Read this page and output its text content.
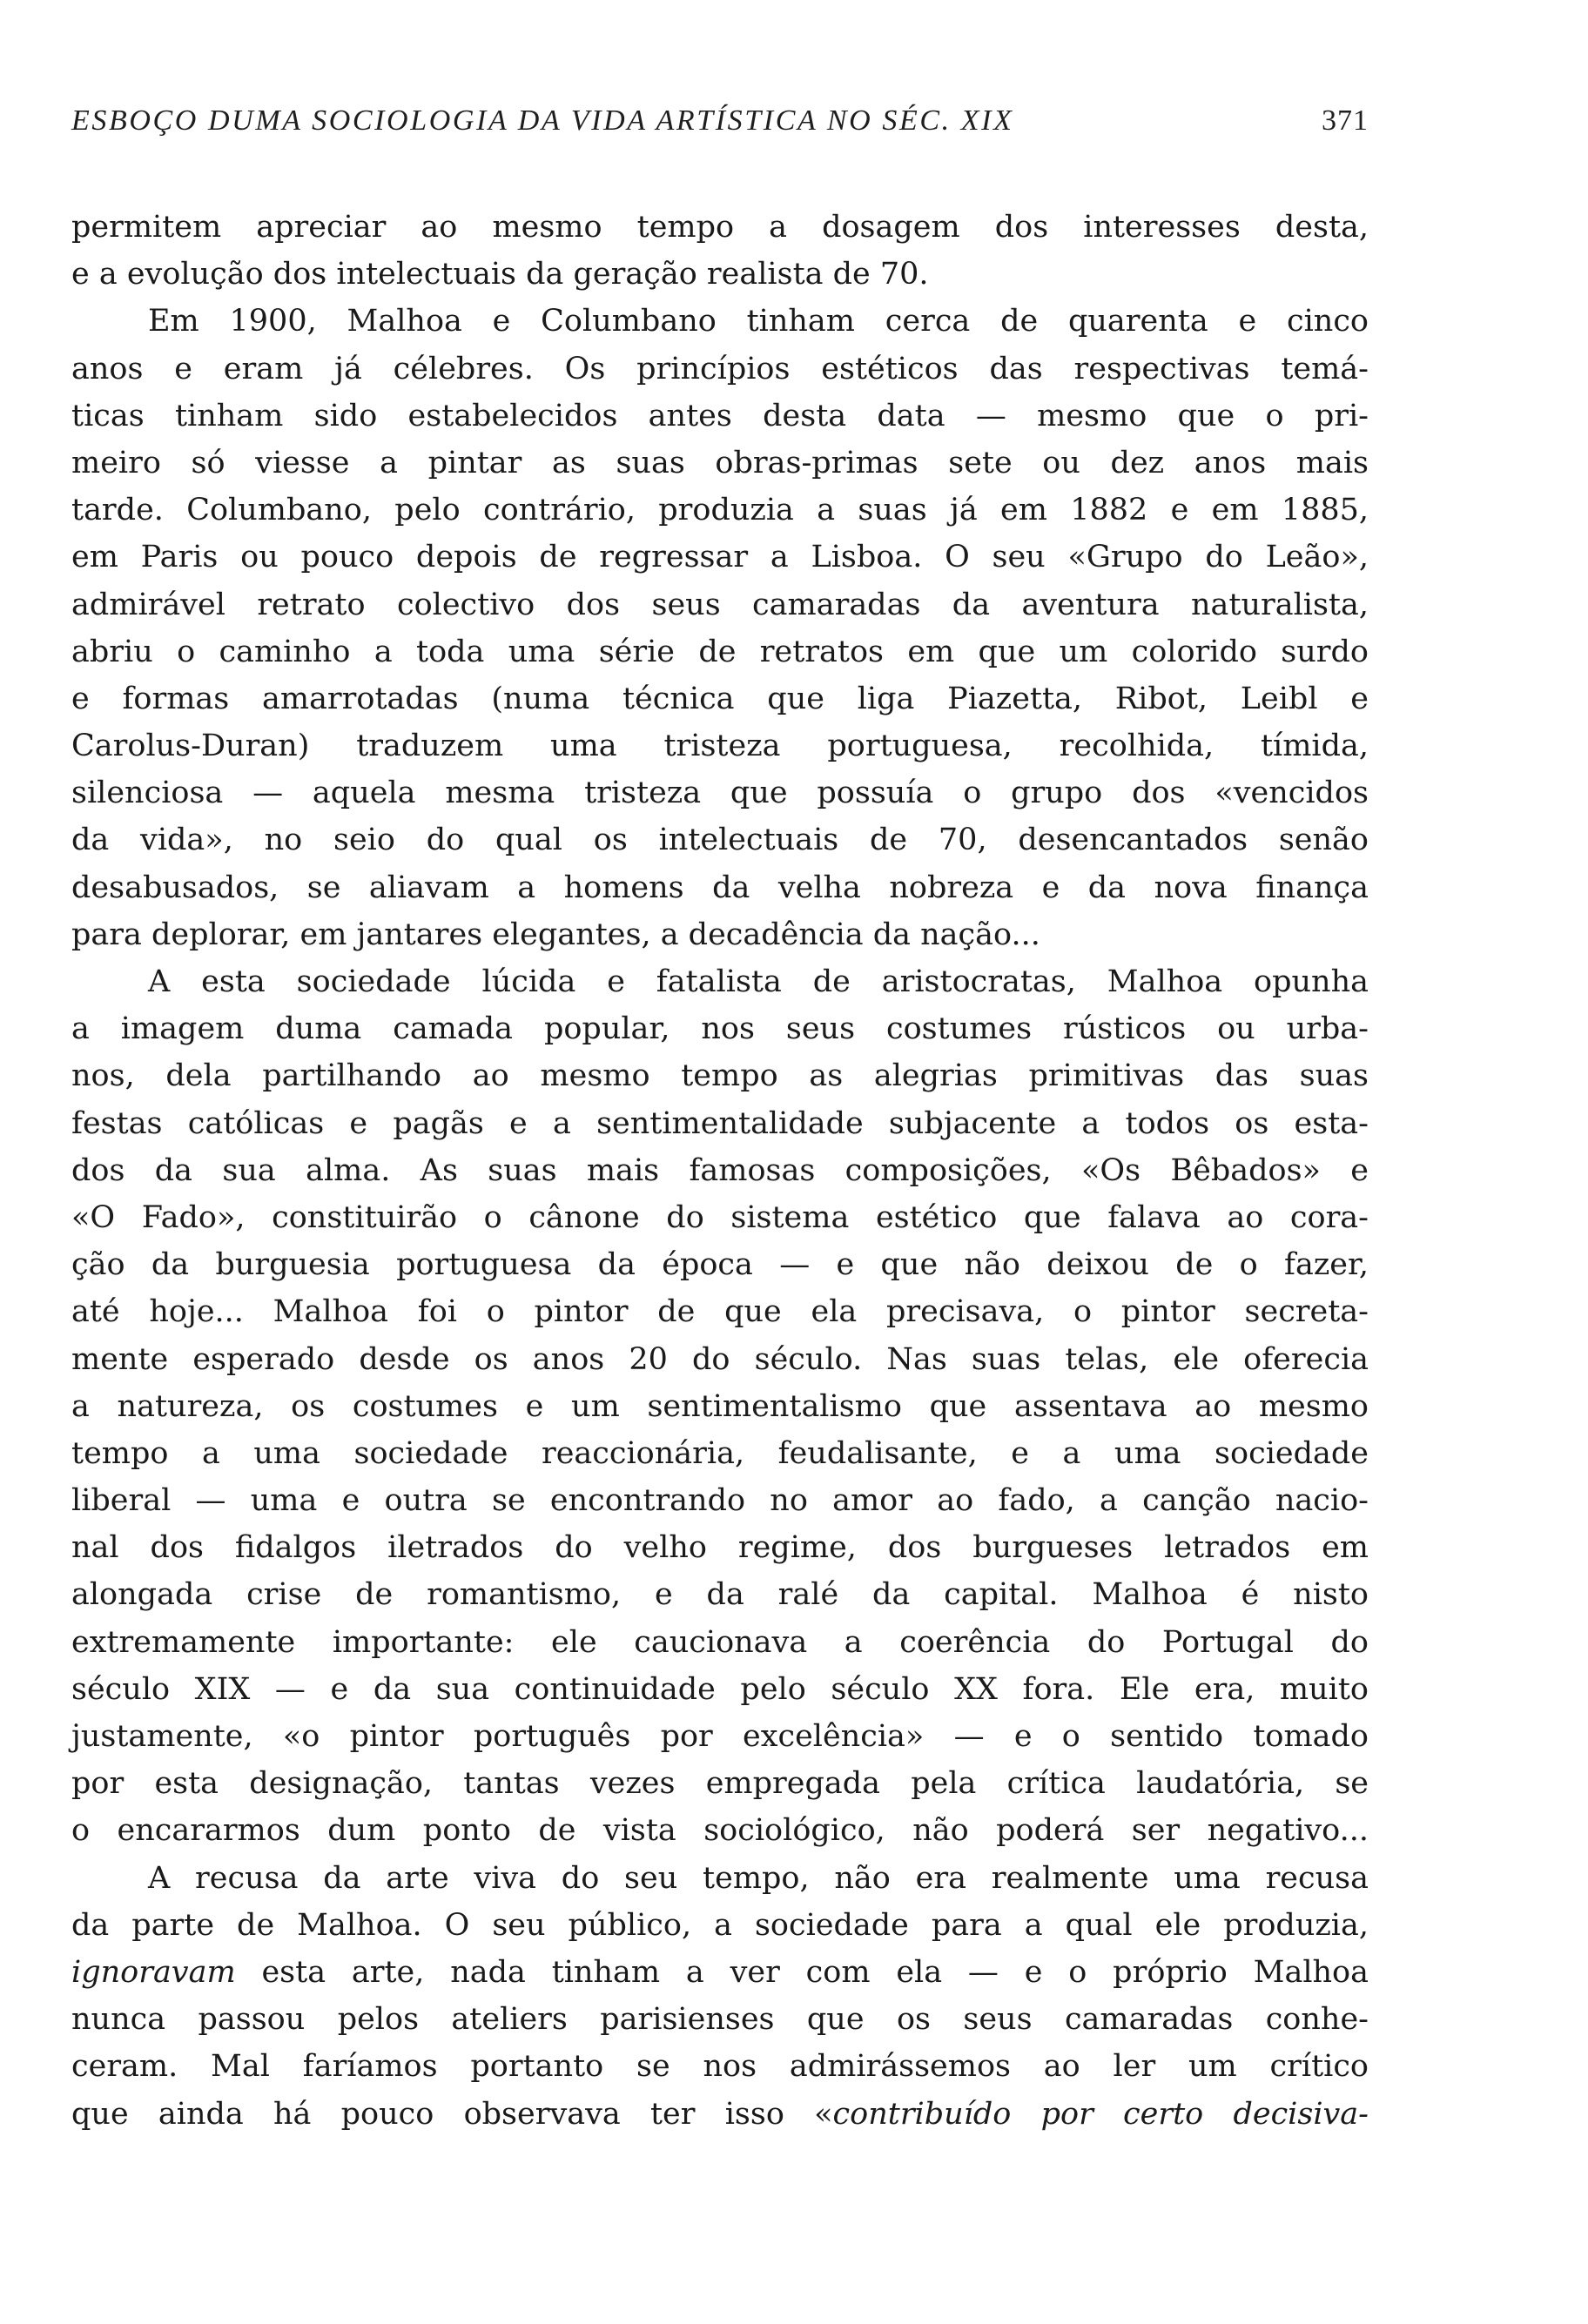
ESBOÇO DUMA SOCIOLOGIA DA VIDA ARTÍSTICA NO SÉC. XIX	371
permitem apreciar ao mesmo tempo a dosagem dos interesses desta,
e a evolução dos intelectuais da geração realista de 70.
Em 1900, Malhoa e Columbano tinham cerca de quarenta e cinco
anos e eram já célebres. Os princípios estéticos das respectivas temá-
ticas tinham sido estabelecidos antes desta data — mesmo que o pri-
meiro só viesse a pintar as suas obras-primas sete ou dez anos mais
tarde. Columbano, pelo contrário, produzia a suas já em 1882 e em 1885,
em Paris ou pouco depois de regressar a Lisboa. O seu «Grupo do Leão»,
admirável retrato colectivo dos seus camaradas da aventura naturalista,
abriu o caminho a toda uma série de retratos em que um colorido surdo
e formas amarrotadas (numa técnica que liga Piazetta, Ribot, Leibl e
Carolus-Duran) traduzem uma tristeza portuguesa, recolhida, tímida,
silenciosa — aquela mesma tristeza que possuía o grupo dos «vencidos
da vida», no seio do qual os intelectuais de 70, desencantados senão
desabusados, se aliavam a homens da velha nobreza e da nova finança
para deplorar, em jantares elegantes, a decadência da nação...
A esta sociedade lúcida e fatalista de aristocratas, Malhoa opunha
a imagem duma camada popular, nos seus costumes rústicos ou urba-
nos, dela partilhando ao mesmo tempo as alegrias primitivas das suas
festas católicas e pagãs e a sentimentalidade subjacente a todos os esta-
dos da sua alma. As suas mais famosas composições, «Os Bêbados» e
«O Fado», constituirão o cânone do sistema estético que falava ao cora-
ção da burguesia portuguesa da época — e que não deixou de o fazer,
até hoje... Malhoa foi o pintor de que ela precisava, o pintor secreta-
mente esperado desde os anos 20 do século. Nas suas telas, ele oferecia
a natureza, os costumes e um sentimentalismo que assentava ao mesmo
tempo a uma sociedade reaccionária, feudalisante, e a uma sociedade
liberal — uma e outra se encontrando no amor ao fado, a canção nacio-
nal dos fidalgos iletrados do velho regime, dos burgueses letrados em
alongada crise de romantismo, e da ralé da capital. Malhoa é nisto
extremamente importante: ele caucionava a coerência do Portugal do
século XIX — e da sua continuidade pelo século XX fora. Ele era, muito
justamente, «o pintor português por excelência» — e o sentido tomado
por esta designação, tantas vezes empregada pela crítica laudatória, se
o encararmos dum ponto de vista sociológico, não poderá ser negativo...
A recusa da arte viva do seu tempo, não era realmente uma recusa
da parte de Malhoa. O seu público, a sociedade para a qual ele produzia,
ignoravam esta arte, nada tinham a ver com ela — e o próprio Malhoa
nunca passou pelos ateliers parisienses que os seus camaradas conhe-
ceram. Mal faríamos portanto se nos admirássemos ao ler um crítico
que ainda há pouco observava ter isso «contribuído por certo decisiva-
